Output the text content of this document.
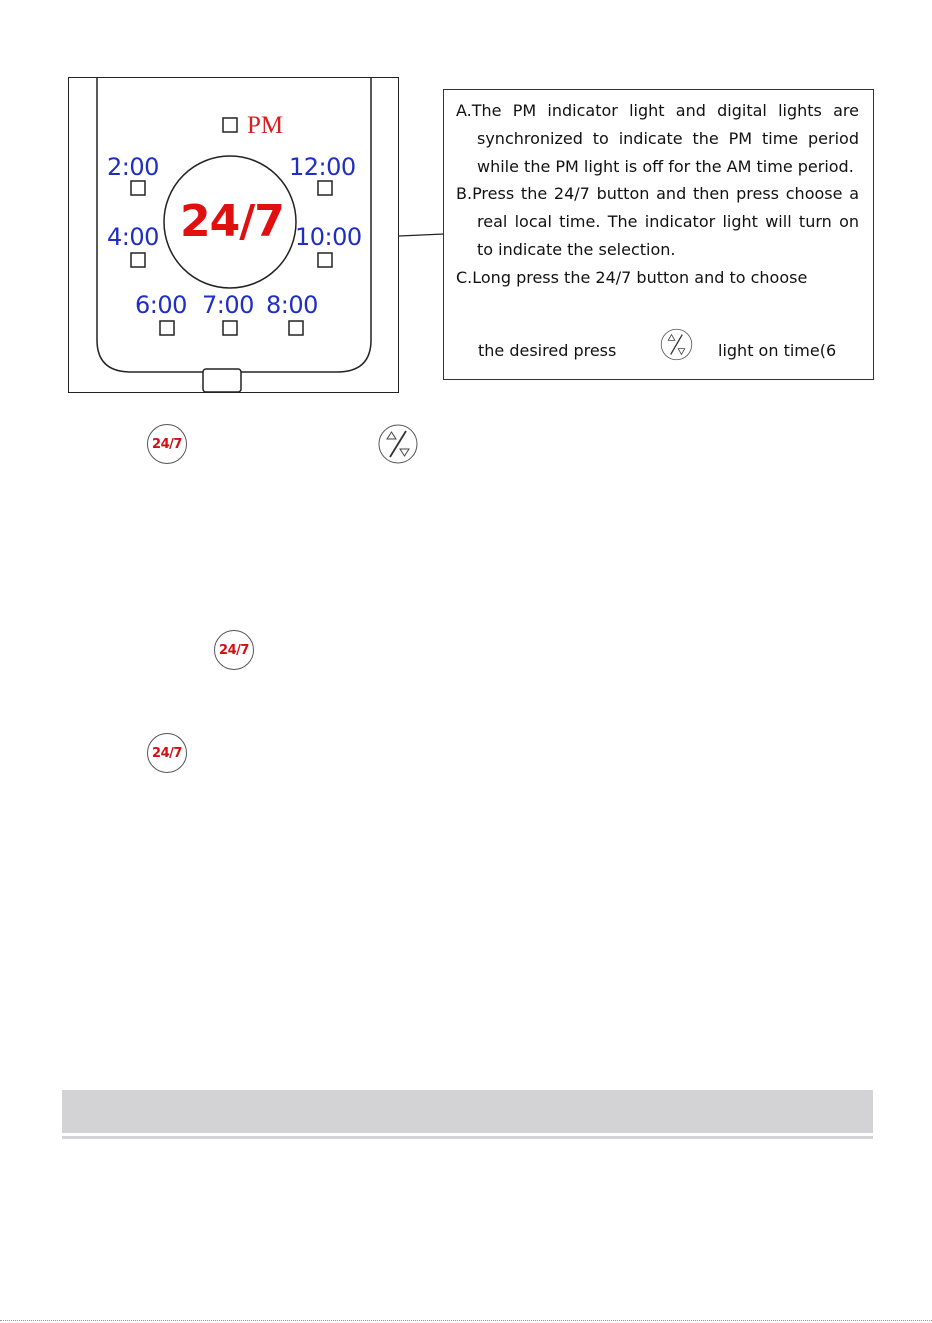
PM
2:00	12:00
4:00	10:00
6:00 7:00 8:00
24/7

A.The PM indicator light and digital lights are synchronized to indicate the PM time period while the PM light is off for the AM time period.

B.Press the 24/7 button and then press choose a real local time. The indicator light will turn on to indicate the selection.

C.Long press the 24/7 button and to choose

the desired press	light on time(6
24/7
24/7
24/7
